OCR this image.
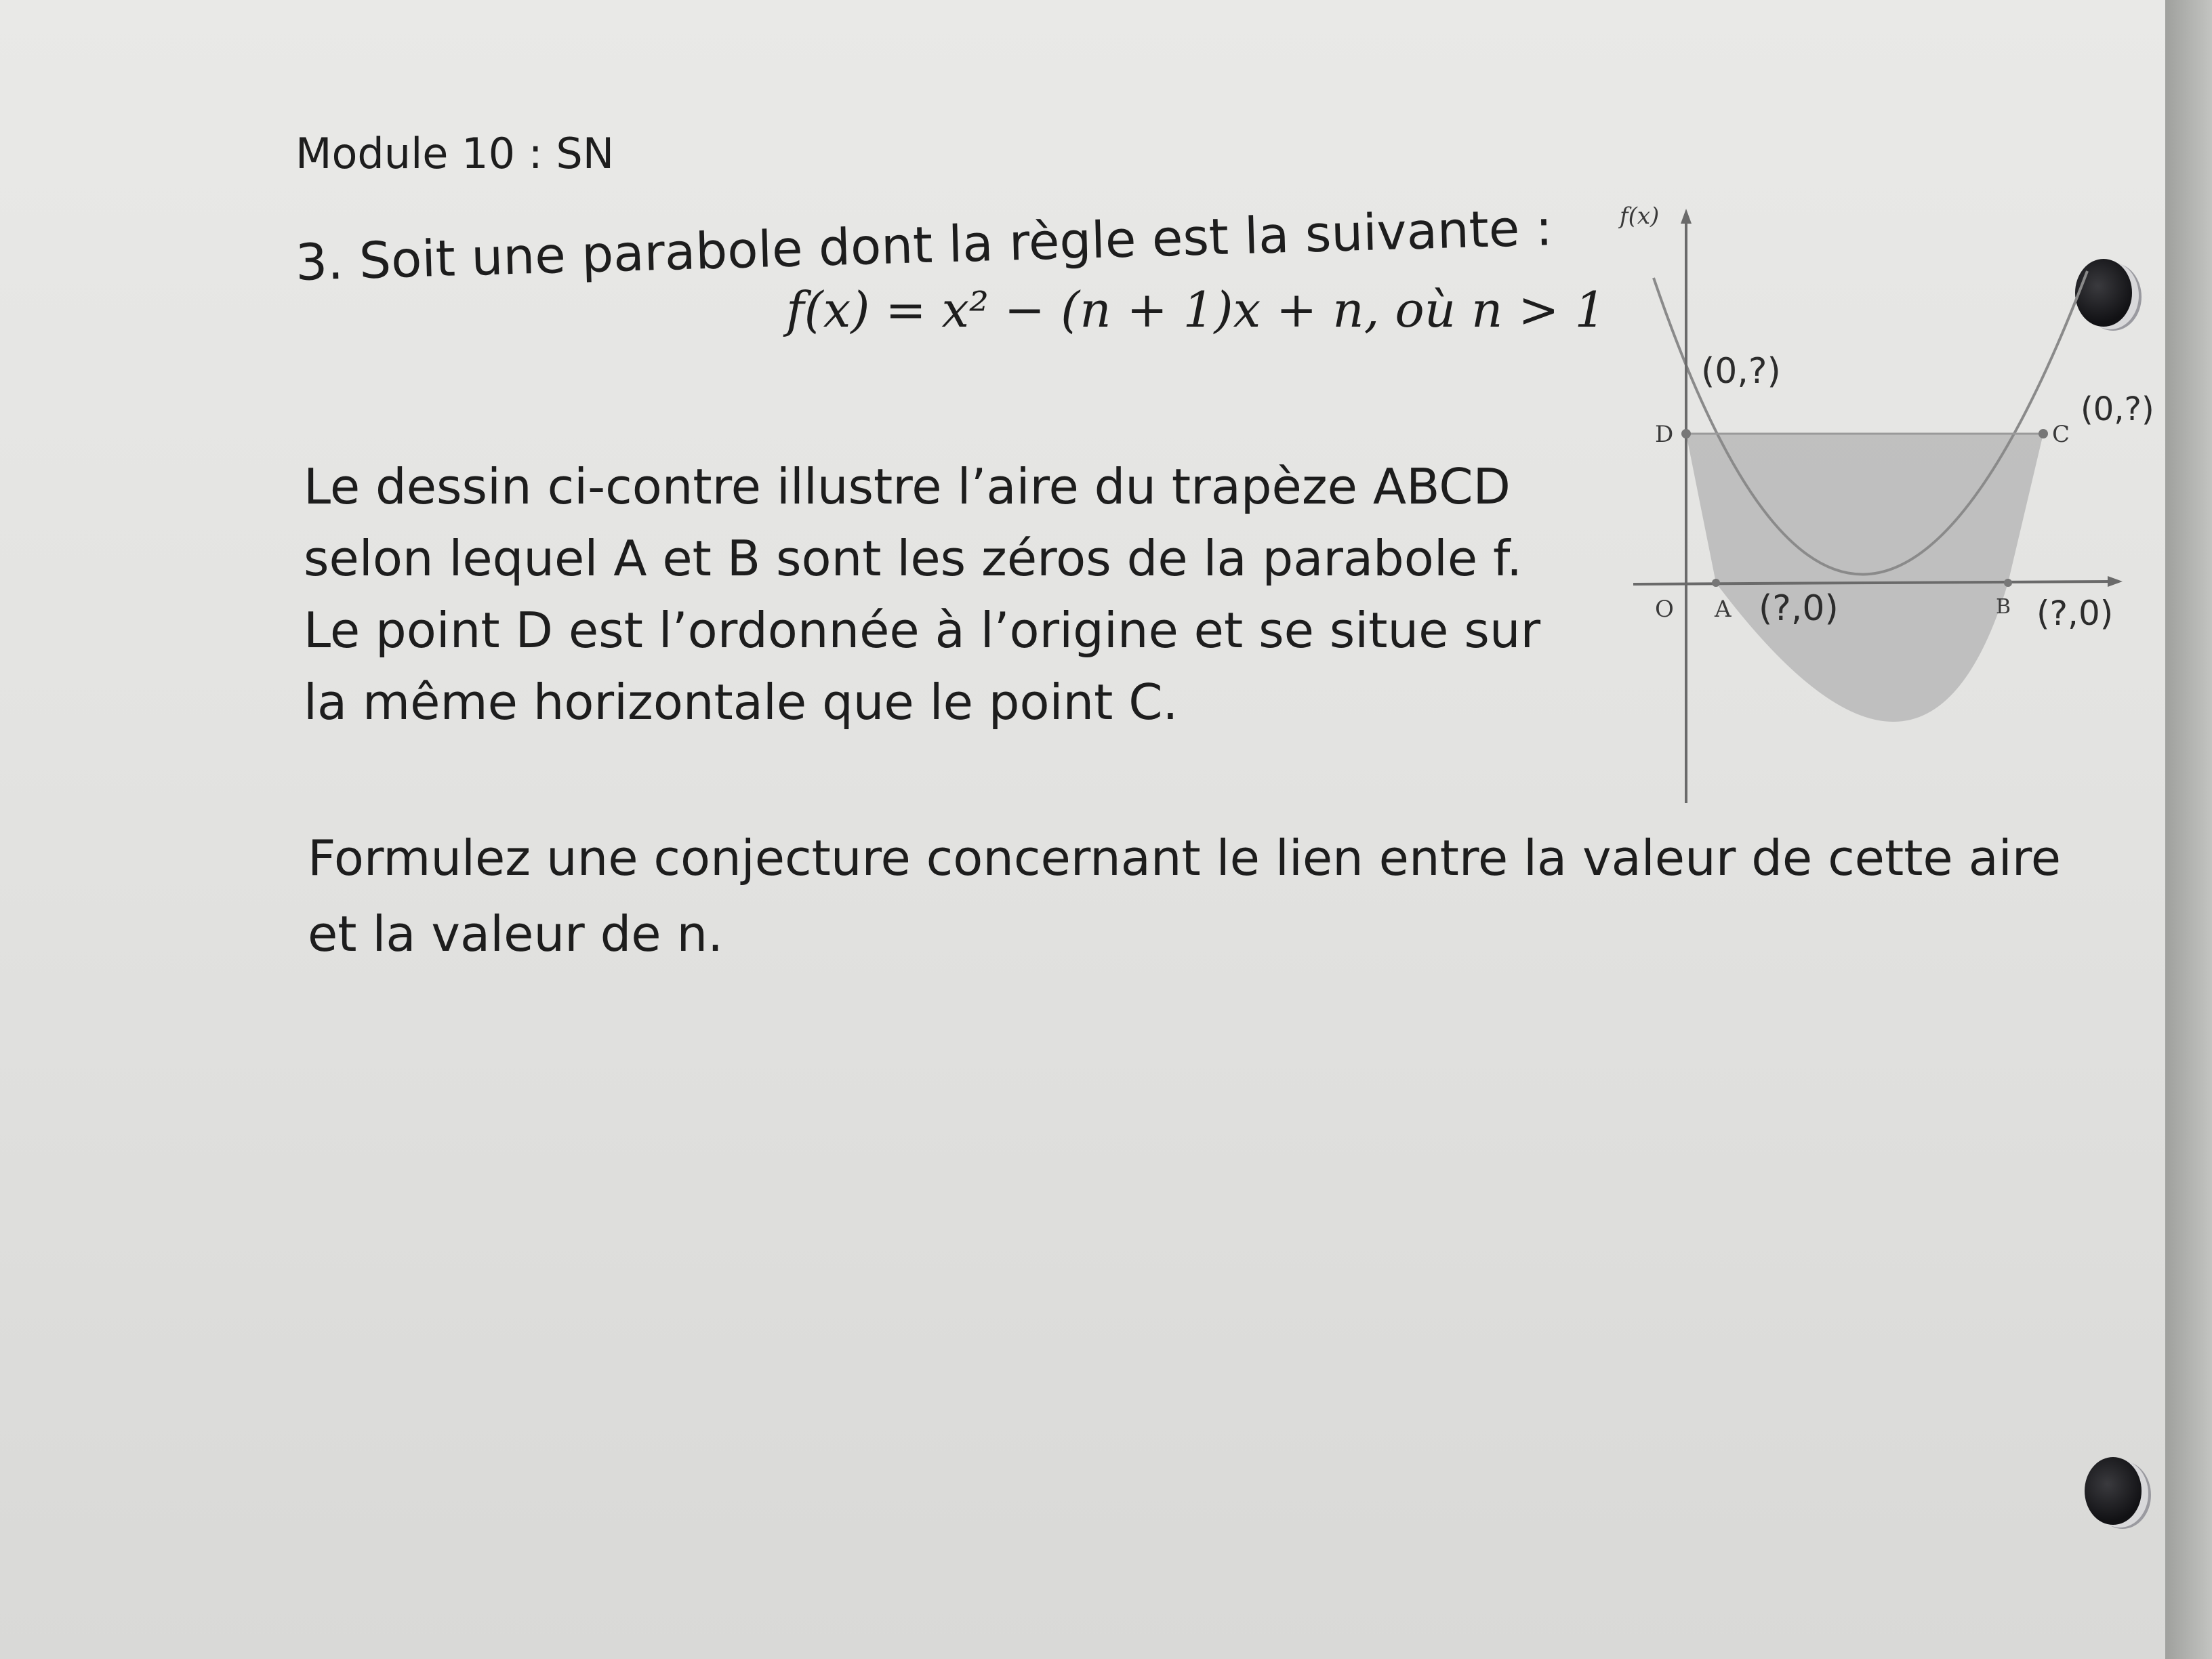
Module 10 : SN
3. Soit une parabole dont la règle est la suivante :
f(x) = x² − (n + 1)x + n, où n > 1
Le dessin ci-contre illustre l’aire du trapèze ABCD
selon lequel A et B sont les zéros de la parabole f.
Le point D est l’ordonnée à l’origine et se situe sur
la même horizontale que le point C.
Formulez une conjecture concernant le lien entre la valeur de cette aire
et la valeur de n.
f(x)
O
D	C
A	B
(0,?)
(0,?)
(?,0)	(?,0)
